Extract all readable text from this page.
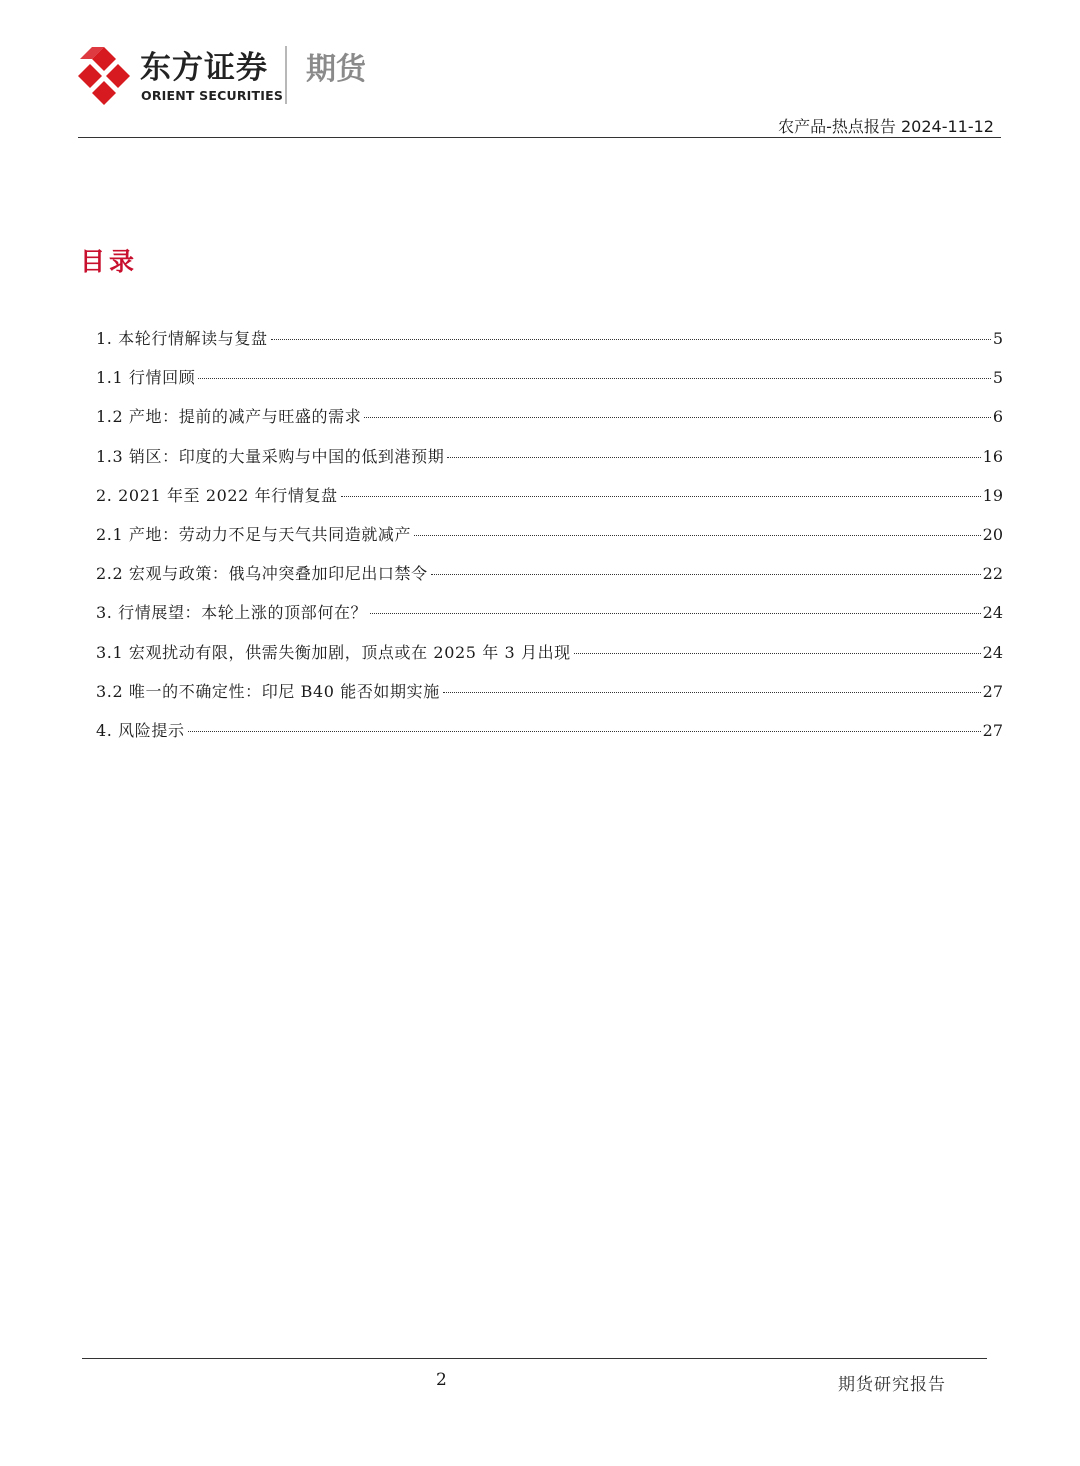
东方证券
ORIENT SECURITIES
期货
农产品-热点报告 2024-11-12
目录
1. 本轮行情解读与复盘	5
1.1 行情回顾	5
1.2 产地：提前的减产与旺盛的需求	6
1.3 销区：印度的大量采购与中国的低到港预期	16
2. 2021 年至 2022 年行情复盘	19
2.1 产地：劳动力不足与天气共同造就减产	20
2.2 宏观与政策：俄乌冲突叠加印尼出口禁令	22
3. 行情展望：本轮上涨的顶部何在？	24
3.1 宏观扰动有限，供需失衡加剧，顶点或在 2025 年 3 月出现	24
3.2 唯一的不确定性：印尼 B40 能否如期实施	27
4. 风险提示	27
2	期货研究报告
